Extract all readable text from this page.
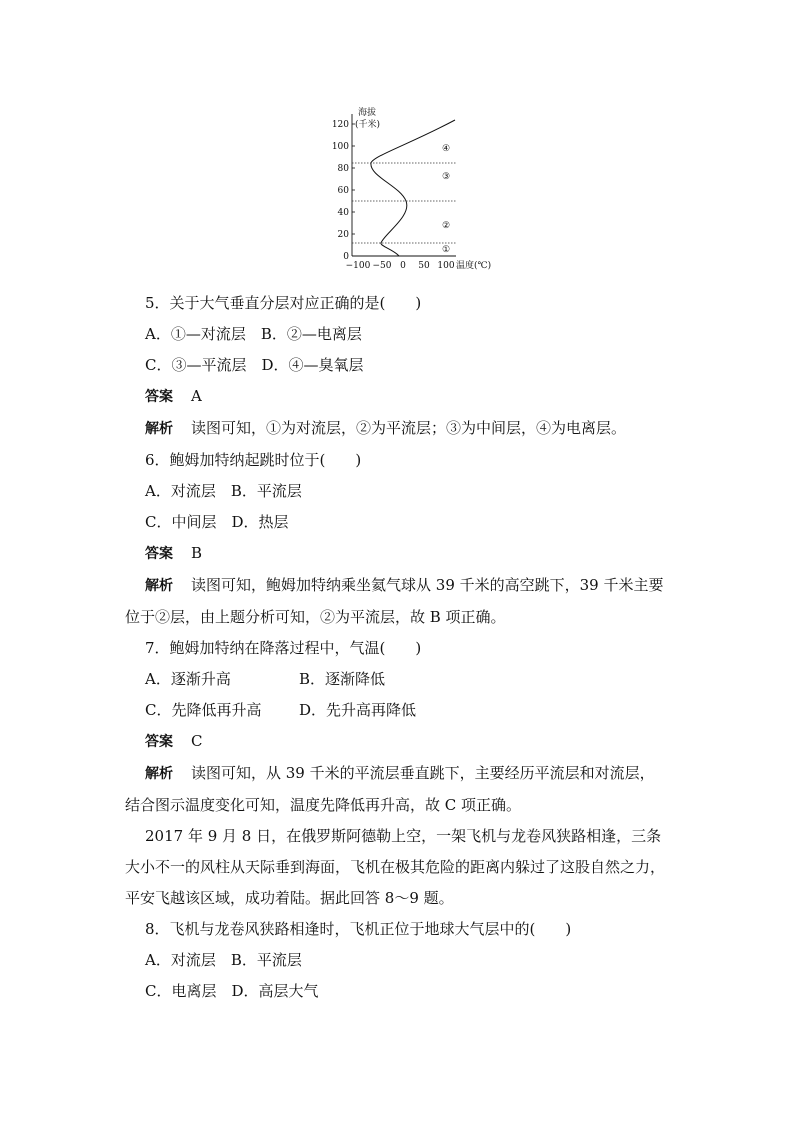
海拔
(千米)
120
100
80
60
40
20
0
−100 −50 0 50 100 温度(℃)
①
②
③
④
5．关于大气垂直分层对应正确的是(　　)
A．①—对流层　 B．②—电离层
C．③—平流层　 D．④—臭氧层
答案 A
解析 读图可知，①为对流层，②为平流层；③为中间层，④为电离层。
6．鲍姆加特纳起跳时位于(　　)
A．对流层　 B．平流层
C．中间层　 D．热层
答案 B
解析 读图可知，鲍姆加特纳乘坐氦气球从 39 千米的高空跳下，39 千米主要
位于②层，由上题分析可知，②为平流层，故 B 项正确。
7．鲍姆加特纳在降落过程中，气温(　　)
A．逐渐升高	B．逐渐降低
C．先降低再升高	D．先升高再降低
答案 C
解析 读图可知，从 39 千米的平流层垂直跳下，主要经历平流层和对流层，
结合图示温度变化可知，温度先降低再升高，故 C 项正确。
2017 年 9 月 8 日，在俄罗斯阿德勒上空，一架飞机与龙卷风狭路相逢，三条
大小不一的风柱从天际垂到海面，飞机在极其危险的距离内躲过了这股自然之力，
平安飞越该区域，成功着陆。据此回答 8～9 题。
8．飞机与龙卷风狭路相逢时，飞机正位于地球大气层中的(　　)
A．对流层　 B．平流层
C．电离层　 D．高层大气
